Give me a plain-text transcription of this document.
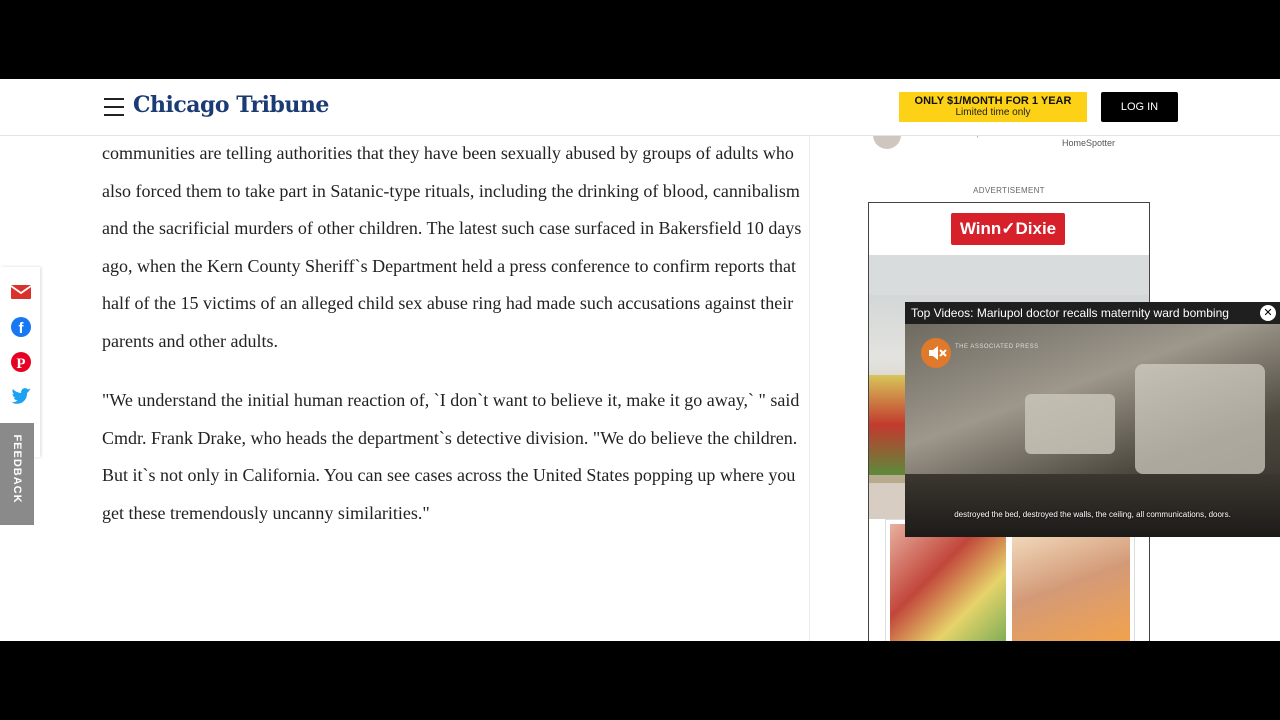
Chicago Tribune	ONLY $1/MONTH FOR 1 YEAR
Limited time only	LOG IN

communities are telling authorities that they have been sexually abused by groups of adults who also forced them to take part in Satanic-type rituals, including the drinking of blood, cannibalism and the sacrificial murders of other children. The latest such case surfaced in Bakersfield 10 days ago, when the Kern County Sheriff`s Department held a press conference to confirm reports that half of the 15 victims of an alleged child sex abuse ring had made such accusations against their parents and other adults.

"We understand the initial human reaction of, `I don`t want to believe it, make it go away,` " said Cmdr. Frank Drake, who heads the department`s detective division. "We do believe the children. But it`s not only in California. You can see cases across the United States popping up where you get these tremendously uncanny similarities."

f
P
FEEDBACK
HomeSpotter
ADVERTISEMENT
Winn✓Dixie
Top Videos: Mariupol doctor recalls maternity ward bombing	✕
THE ASSOCIATED PRESS
destroyed the bed, destroyed the walls, the ceiling, all communications, doors.
